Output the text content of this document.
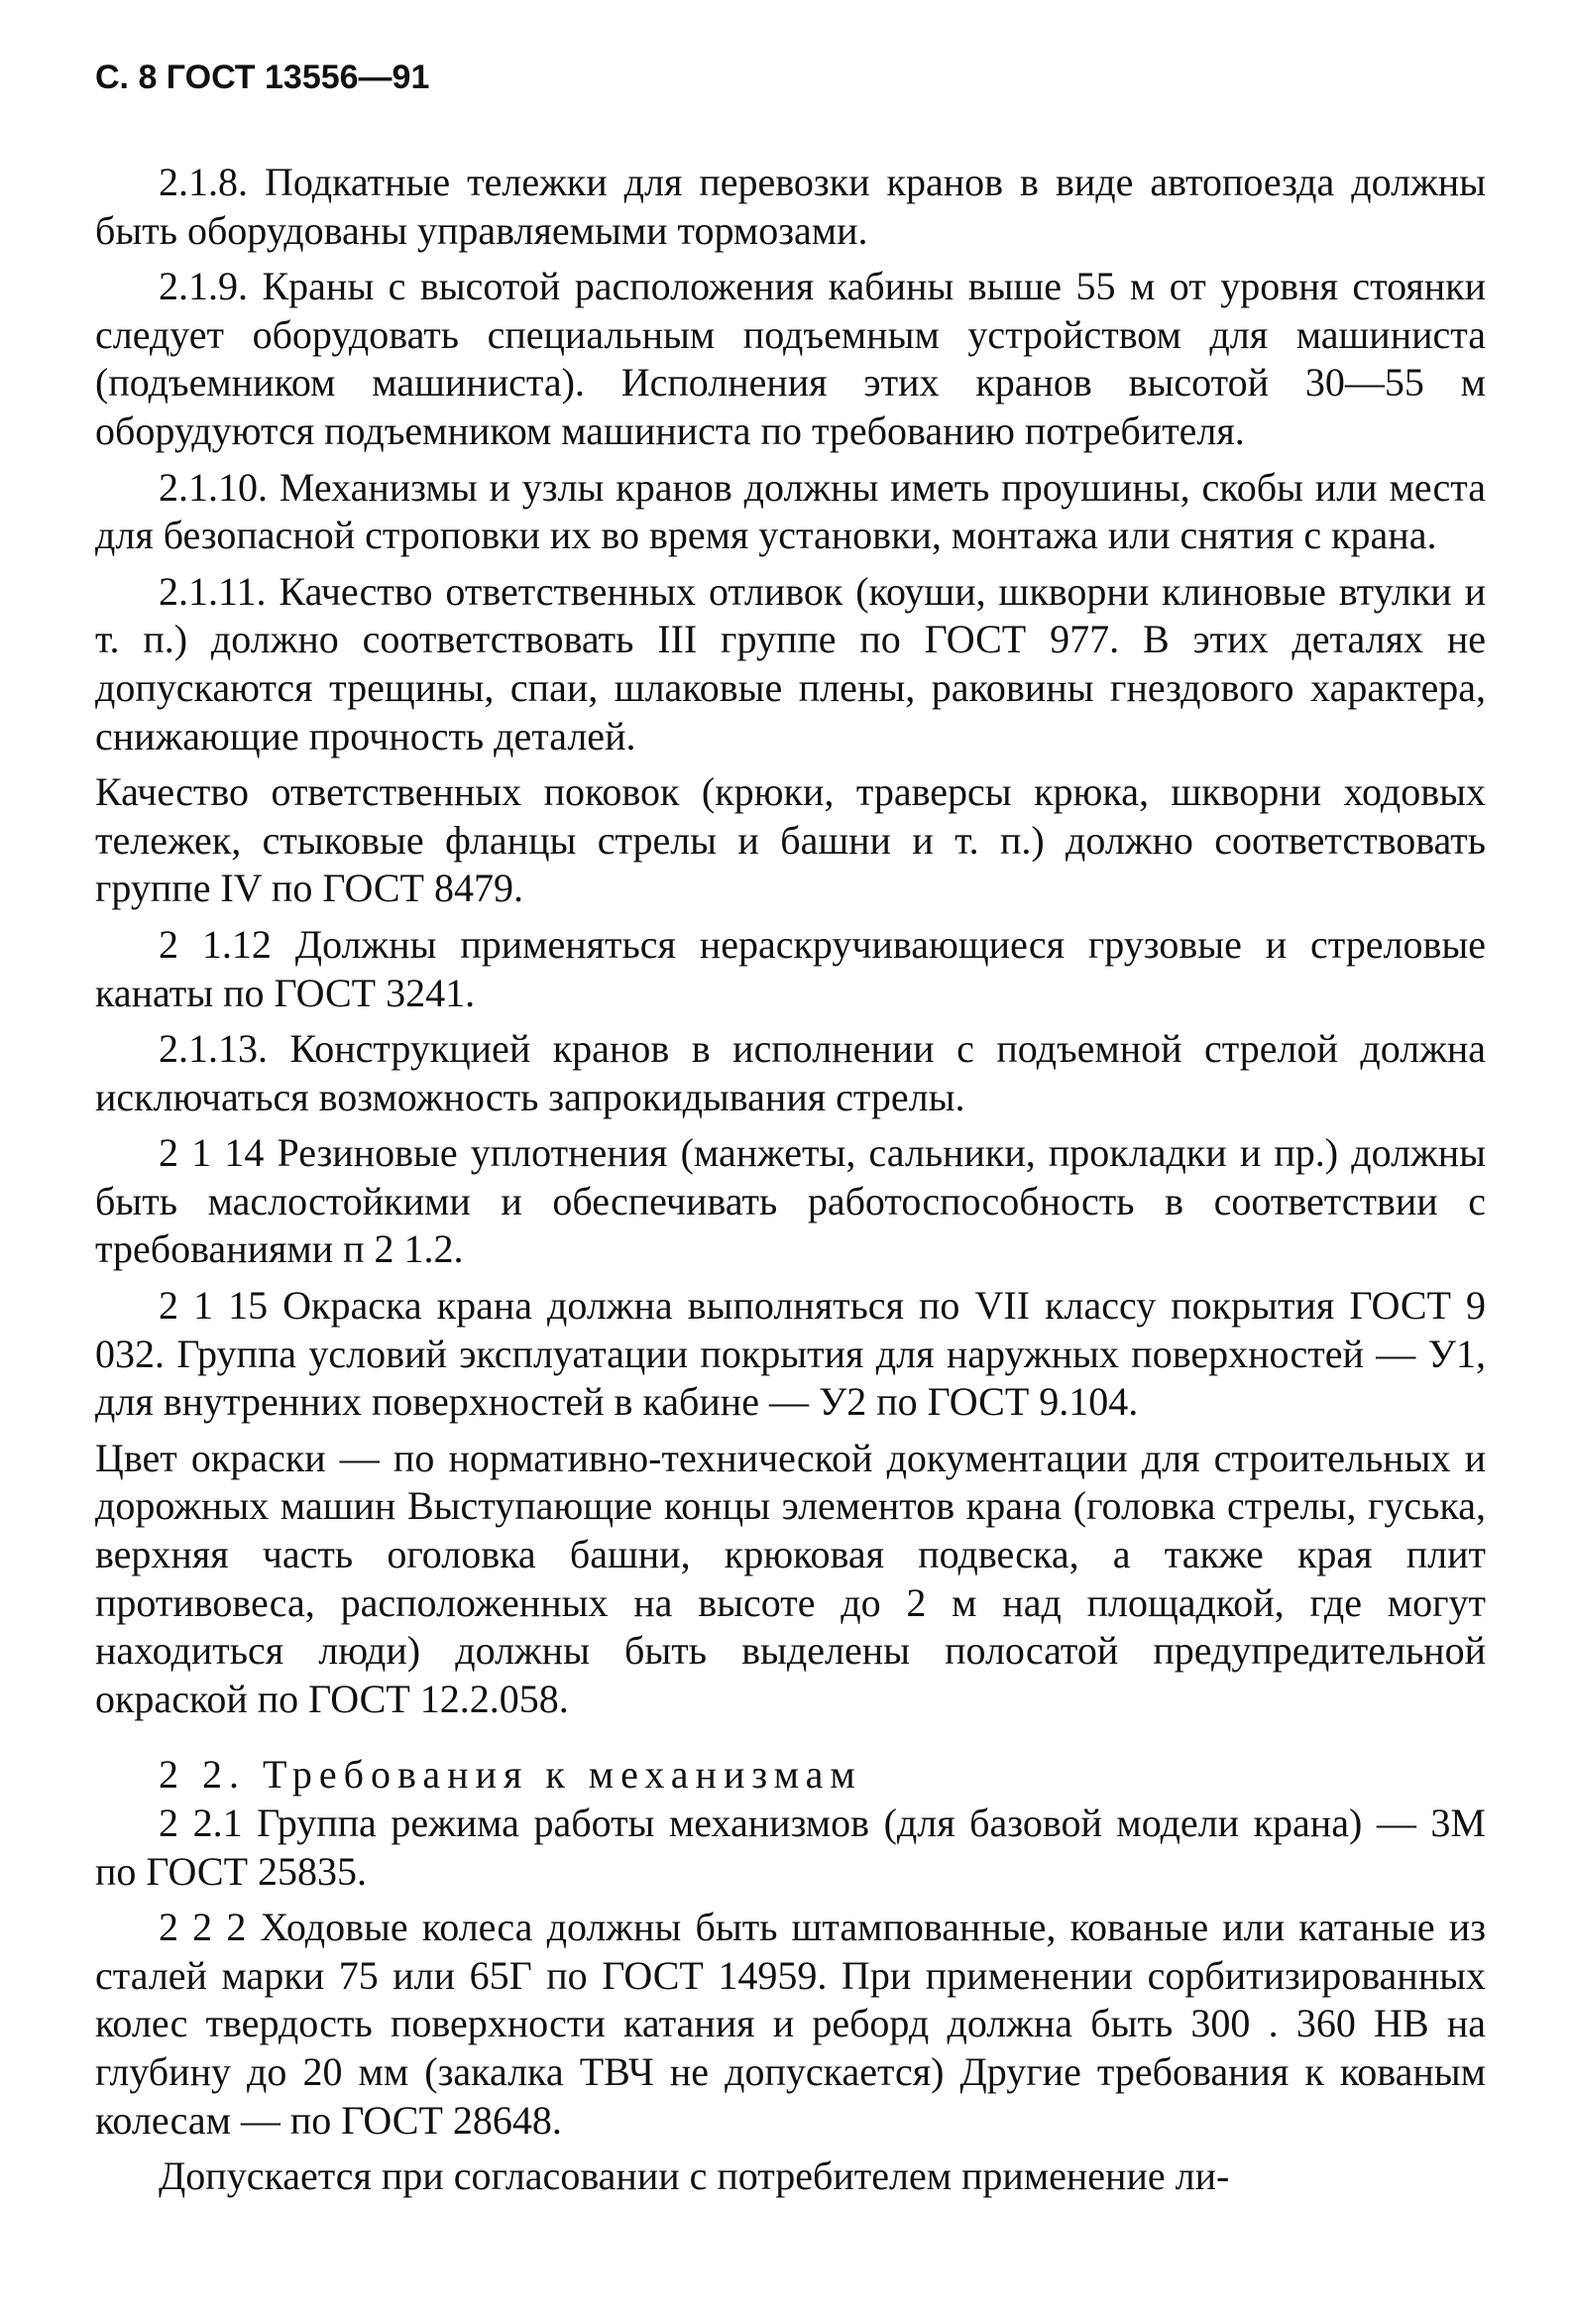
С. 8 ГОСТ 13556—91

2.1.8. Подкатные тележки для перевозки кранов в виде автопоезда должны быть оборудованы управляемыми тормозами.

2.1.9. Краны с высотой расположения кабины выше 55 м от уровня стоянки следует оборудовать специальным подъемным устройством для машиниста (подъемником машиниста). Исполнения этих кранов высотой 30—55 м оборудуются подъемником машиниста по требованию потребителя.

2.1.10. Механизмы и узлы кранов должны иметь проушины, скобы или места для безопасной строповки их во время установки, монтажа или снятия с крана.

2.1.11. Качество ответственных отливок (коуши, шкворни клиновые втулки и т. п.) должно соответствовать III группе по ГОСТ 977. В этих деталях не допускаются трещины, спаи, шлаковые плены, раковины гнездового характера, снижающие прочность деталей.

Качество ответственных поковок (крюки, траверсы крюка, шкворни ходовых тележек, стыковые фланцы стрелы и башни и т. п.) должно соответствовать группе IV по ГОСТ 8479.

2 1.12 Должны применяться нераскручивающиеся грузовые и стреловые канаты по ГОСТ 3241.

2.1.13. Конструкцией кранов в исполнении с подъемной стрелой должна исключаться возможность запрокидывания стрелы.

2 1 14 Резиновые уплотнения (манжеты, сальники, прокладки и пр.) должны быть маслостойкими и обеспечивать работоспособность в соответствии с требованиями п 2 1.2.

2 1 15 Окраска крана должна выполняться по VII классу покрытия ГОСТ 9 032. Группа условий эксплуатации покрытия для наружных поверхностей — У1, для внутренних поверхностей в кабине — У2 по ГОСТ 9.104.

Цвет окраски — по нормативно-технической документации для строительных и дорожных машин Выступающие концы элементов крана (головка стрелы, гуська, верхняя часть оголовка башни, крюковая подвеска, а также края плит противовеса, расположенных на высоте до 2 м над площадкой, где могут находиться люди) должны быть выделены полосатой предупредительной окраской по ГОСТ 12.2.058.

2 2. Требования к механизмам

2 2.1 Группа режима работы механизмов (для базовой модели крана) — 3М по ГОСТ 25835.

2 2 2 Ходовые колеса должны быть штампованные, кованые или катаные из сталей марки 75 или 65Г по ГОСТ 14959. При применении сорбитизированных колес твердость поверхности катания и реборд должна быть 300 . 360 НВ на глубину до 20 мм (закалка ТВЧ не допускается) Другие требования к кованым колесам — по ГОСТ 28648.

Допускается при согласовании с потребителем применение ли-
